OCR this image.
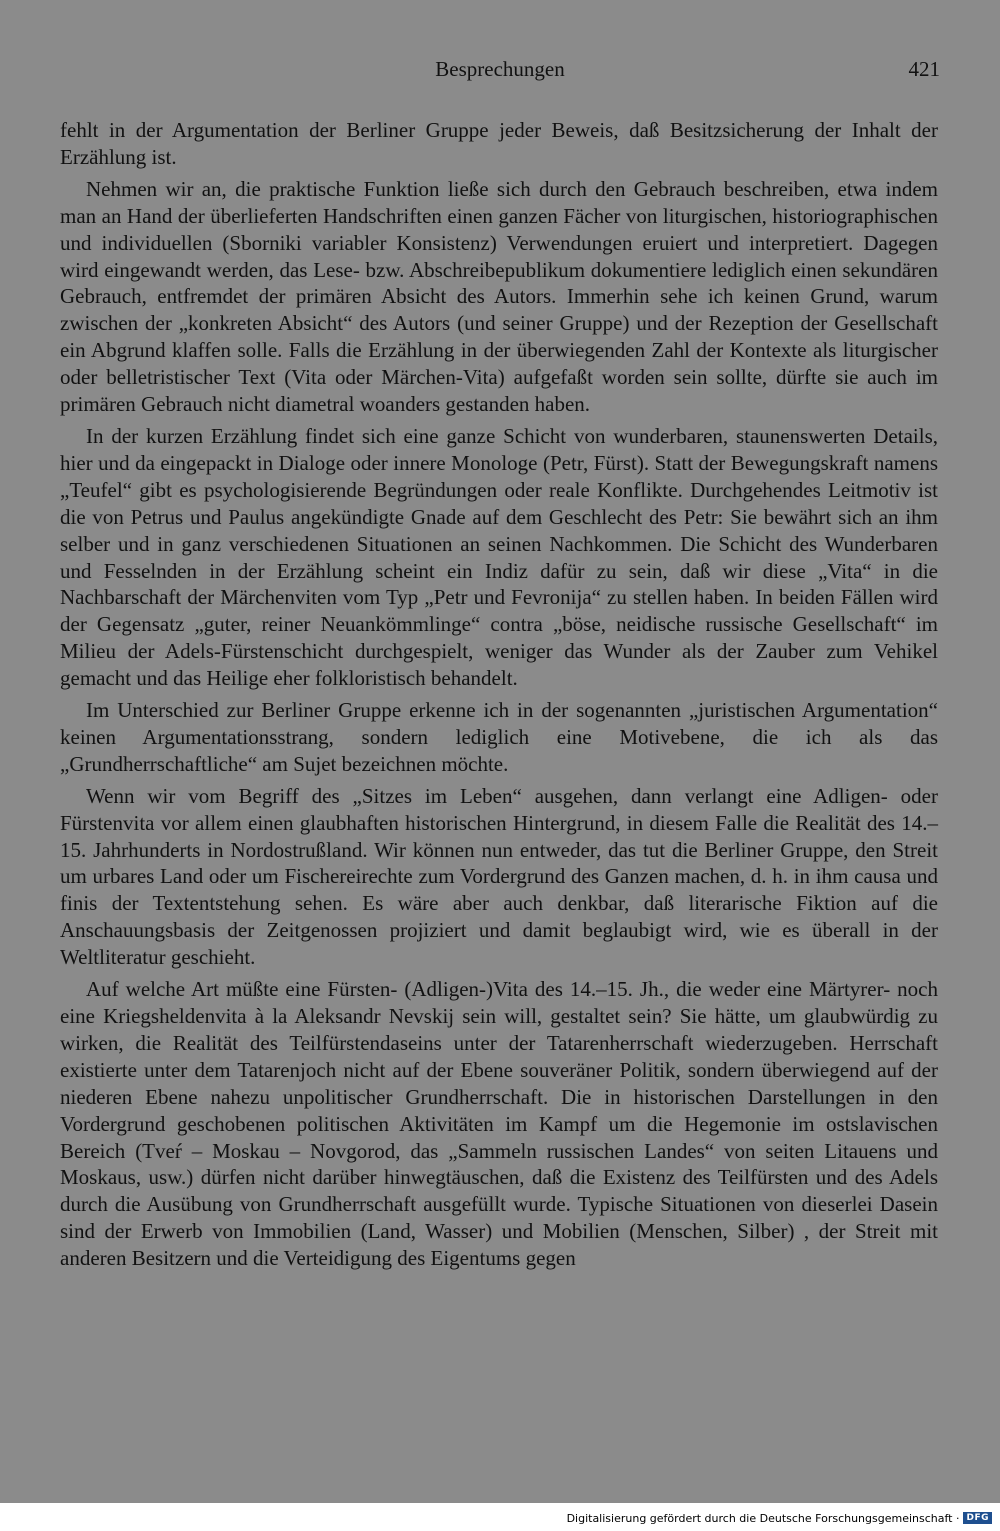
Besprechungen	421

fehlt in der Argumentation der Berliner Gruppe jeder Beweis, daß Besitzsicherung der Inhalt der Erzählung ist.

Nehmen wir an, die praktische Funktion ließe sich durch den Gebrauch beschreiben, etwa indem man an Hand der überlieferten Handschriften einen ganzen Fächer von liturgischen, historiographischen und individuellen (Sborniki variabler Konsistenz) Verwendungen eruiert und interpretiert. Dagegen wird eingewandt werden, das Lese- bzw. Abschreibepublikum dokumentiere lediglich einen sekundären Gebrauch, entfremdet der primären Absicht des Autors. Immerhin sehe ich keinen Grund, warum zwischen der „konkreten Absicht“ des Autors (und seiner Gruppe) und der Rezeption der Gesellschaft ein Abgrund klaffen solle. Falls die Erzählung in der überwiegenden Zahl der Kontexte als liturgischer oder belletristischer Text (Vita oder Märchen-Vita) aufgefaßt worden sein sollte, dürfte sie auch im primären Gebrauch nicht diametral woanders gestanden haben.

In der kurzen Erzählung findet sich eine ganze Schicht von wunderbaren, staunenswerten Details, hier und da eingepackt in Dialoge oder innere Monologe (Petr, Fürst). Statt der Bewegungskraft namens „Teufel“ gibt es psychologisierende Begründungen oder reale Konflikte. Durchgehendes Leitmotiv ist die von Petrus und Paulus angekündigte Gnade auf dem Geschlecht des Petr: Sie bewährt sich an ihm selber und in ganz verschiedenen Situationen an seinen Nachkommen. Die Schicht des Wunderbaren und Fesselnden in der Erzählung scheint ein Indiz dafür zu sein, daß wir diese „Vita“ in die Nachbarschaft der Märchenviten vom Typ „Petr und Fevronija“ zu stellen haben. In beiden Fällen wird der Gegensatz „guter, reiner Neuankömmlinge“ contra „böse, neidische russische Gesellschaft“ im Milieu der Adels-Fürstenschicht durchgespielt, weniger das Wunder als der Zauber zum Vehikel gemacht und das Heilige eher folkloristisch behandelt.

Im Unterschied zur Berliner Gruppe erkenne ich in der sogenannten „juristischen Argumentation“ keinen Argumentationsstrang, sondern lediglich eine Motivebene, die ich als das „Grundherrschaftliche“ am Sujet bezeichnen möchte.

Wenn wir vom Begriff des „Sitzes im Leben“ ausgehen, dann verlangt eine Adligen- oder Fürstenvita vor allem einen glaubhaften historischen Hintergrund, in diesem Falle die Realität des 14.–15. Jahrhunderts in Nordostrußland. Wir können nun entweder, das tut die Berliner Gruppe, den Streit um urbares Land oder um Fischereirechte zum Vordergrund des Ganzen machen, d. h. in ihm causa und finis der Textentstehung sehen. Es wäre aber auch denkbar, daß literarische Fiktion auf die Anschauungsbasis der Zeitgenossen projiziert und damit beglaubigt wird, wie es überall in der Weltliteratur geschieht.

Auf welche Art müßte eine Fürsten- (Adligen-)Vita des 14.–15. Jh., die weder eine Märtyrer- noch eine Kriegsheldenvita à la Aleksandr Nevskij sein will, gestaltet sein? Sie hätte, um glaubwürdig zu wirken, die Realität des Teilfürstendaseins unter der Tatarenherrschaft wiederzugeben. Herrschaft existierte unter dem Tatarenjoch nicht auf der Ebene souveräner Politik, sondern überwiegend auf der niederen Ebene nahezu unpolitischer Grundherrschaft. Die in historischen Darstellungen in den Vordergrund geschobenen politischen Aktivitäten im Kampf um die Hegemonie im ostslavischen Bereich (Tveŕ – Moskau – Novgorod, das „Sammeln russischen Landes“ von seiten Litauens und Moskaus, usw.) dürfen nicht darüber hinwegtäuschen, daß die Existenz des Teilfürsten und des Adels durch die Ausübung von Grundherrschaft ausgefüllt wurde. Typische Situationen von dieserlei Dasein sind der Erwerb von Immobilien (Land, Wasser) und Mobilien (Menschen, Silber) , der Streit mit anderen Besitzern und die Verteidigung des Eigentums gegen

Digitalisierung gefördert durch die Deutsche Forschungsgemeinschaft · DFG
